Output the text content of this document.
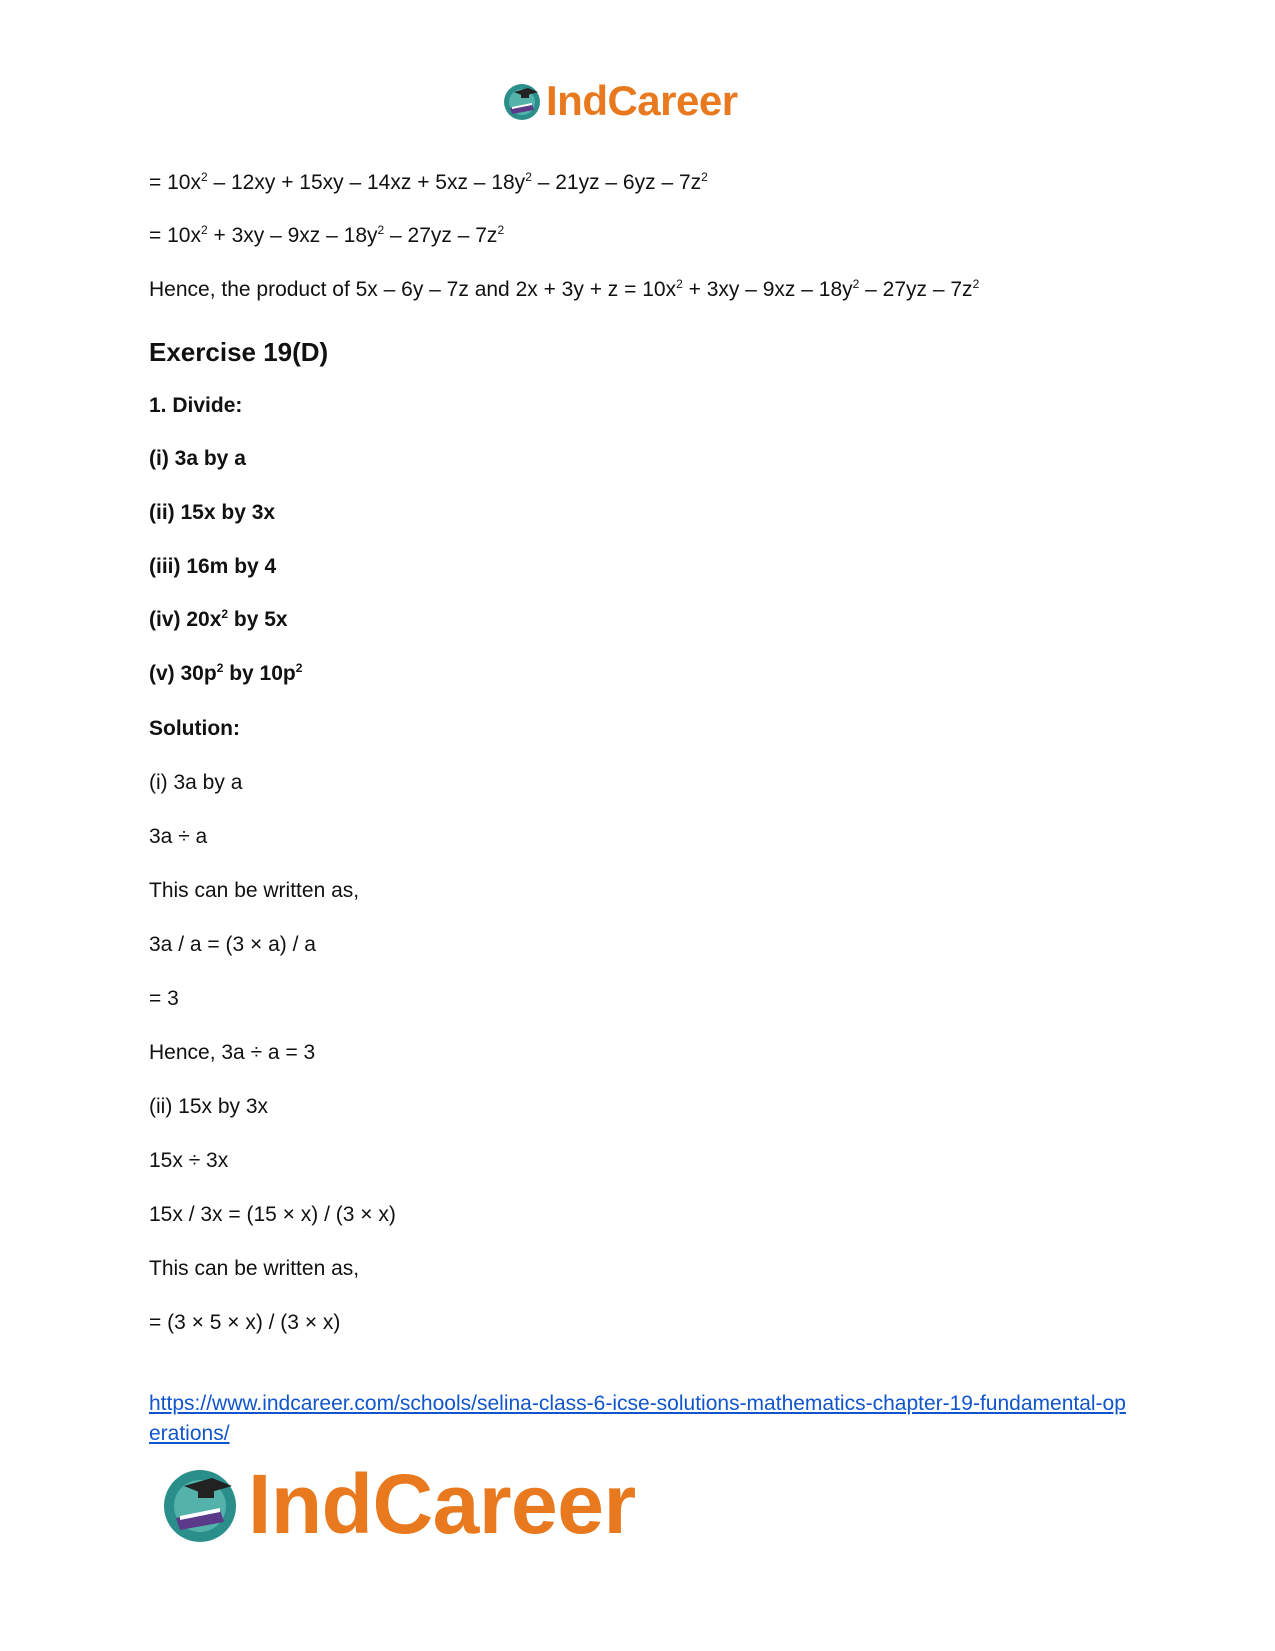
IndCareer
= $10x^2 - 12xy + 15xy - 14xz + 5xz - 18y^2 - 21yz - 6yz - 7z^2$
= $10x^2 + 3xy - 9xz - 18y^2 - 27yz - 7z^2$
Hence, the product of 5x – 6y – 7z and $2x + 3y + z = 10x^2 + 3xy - 9xz - 18y^2 - 27yz - 7z^2$
Exercise 19(D)
1. Divide:
(i) 3a by a
(ii) 15x by 3x
(iii) 16m by 4
(iv) $20x^2$ by 5x
(v) $30p^2$ by $10p^2$
Solution:
(i) 3a by a
3a ÷ a
This can be written as,
3a / a = (3 × a) / a
= 3
Hence, 3a ÷ a = 3
(ii) 15x by 3x
15x ÷ 3x
15x / 3x = (15 × x) / (3 × x)
This can be written as,
= (3 × 5 × x) / (3 × x)
https://www.indcareer.com/schools/selina-class-6-icse-solutions-mathematics-chapter-19-fundamental-operations/
IndCareer
